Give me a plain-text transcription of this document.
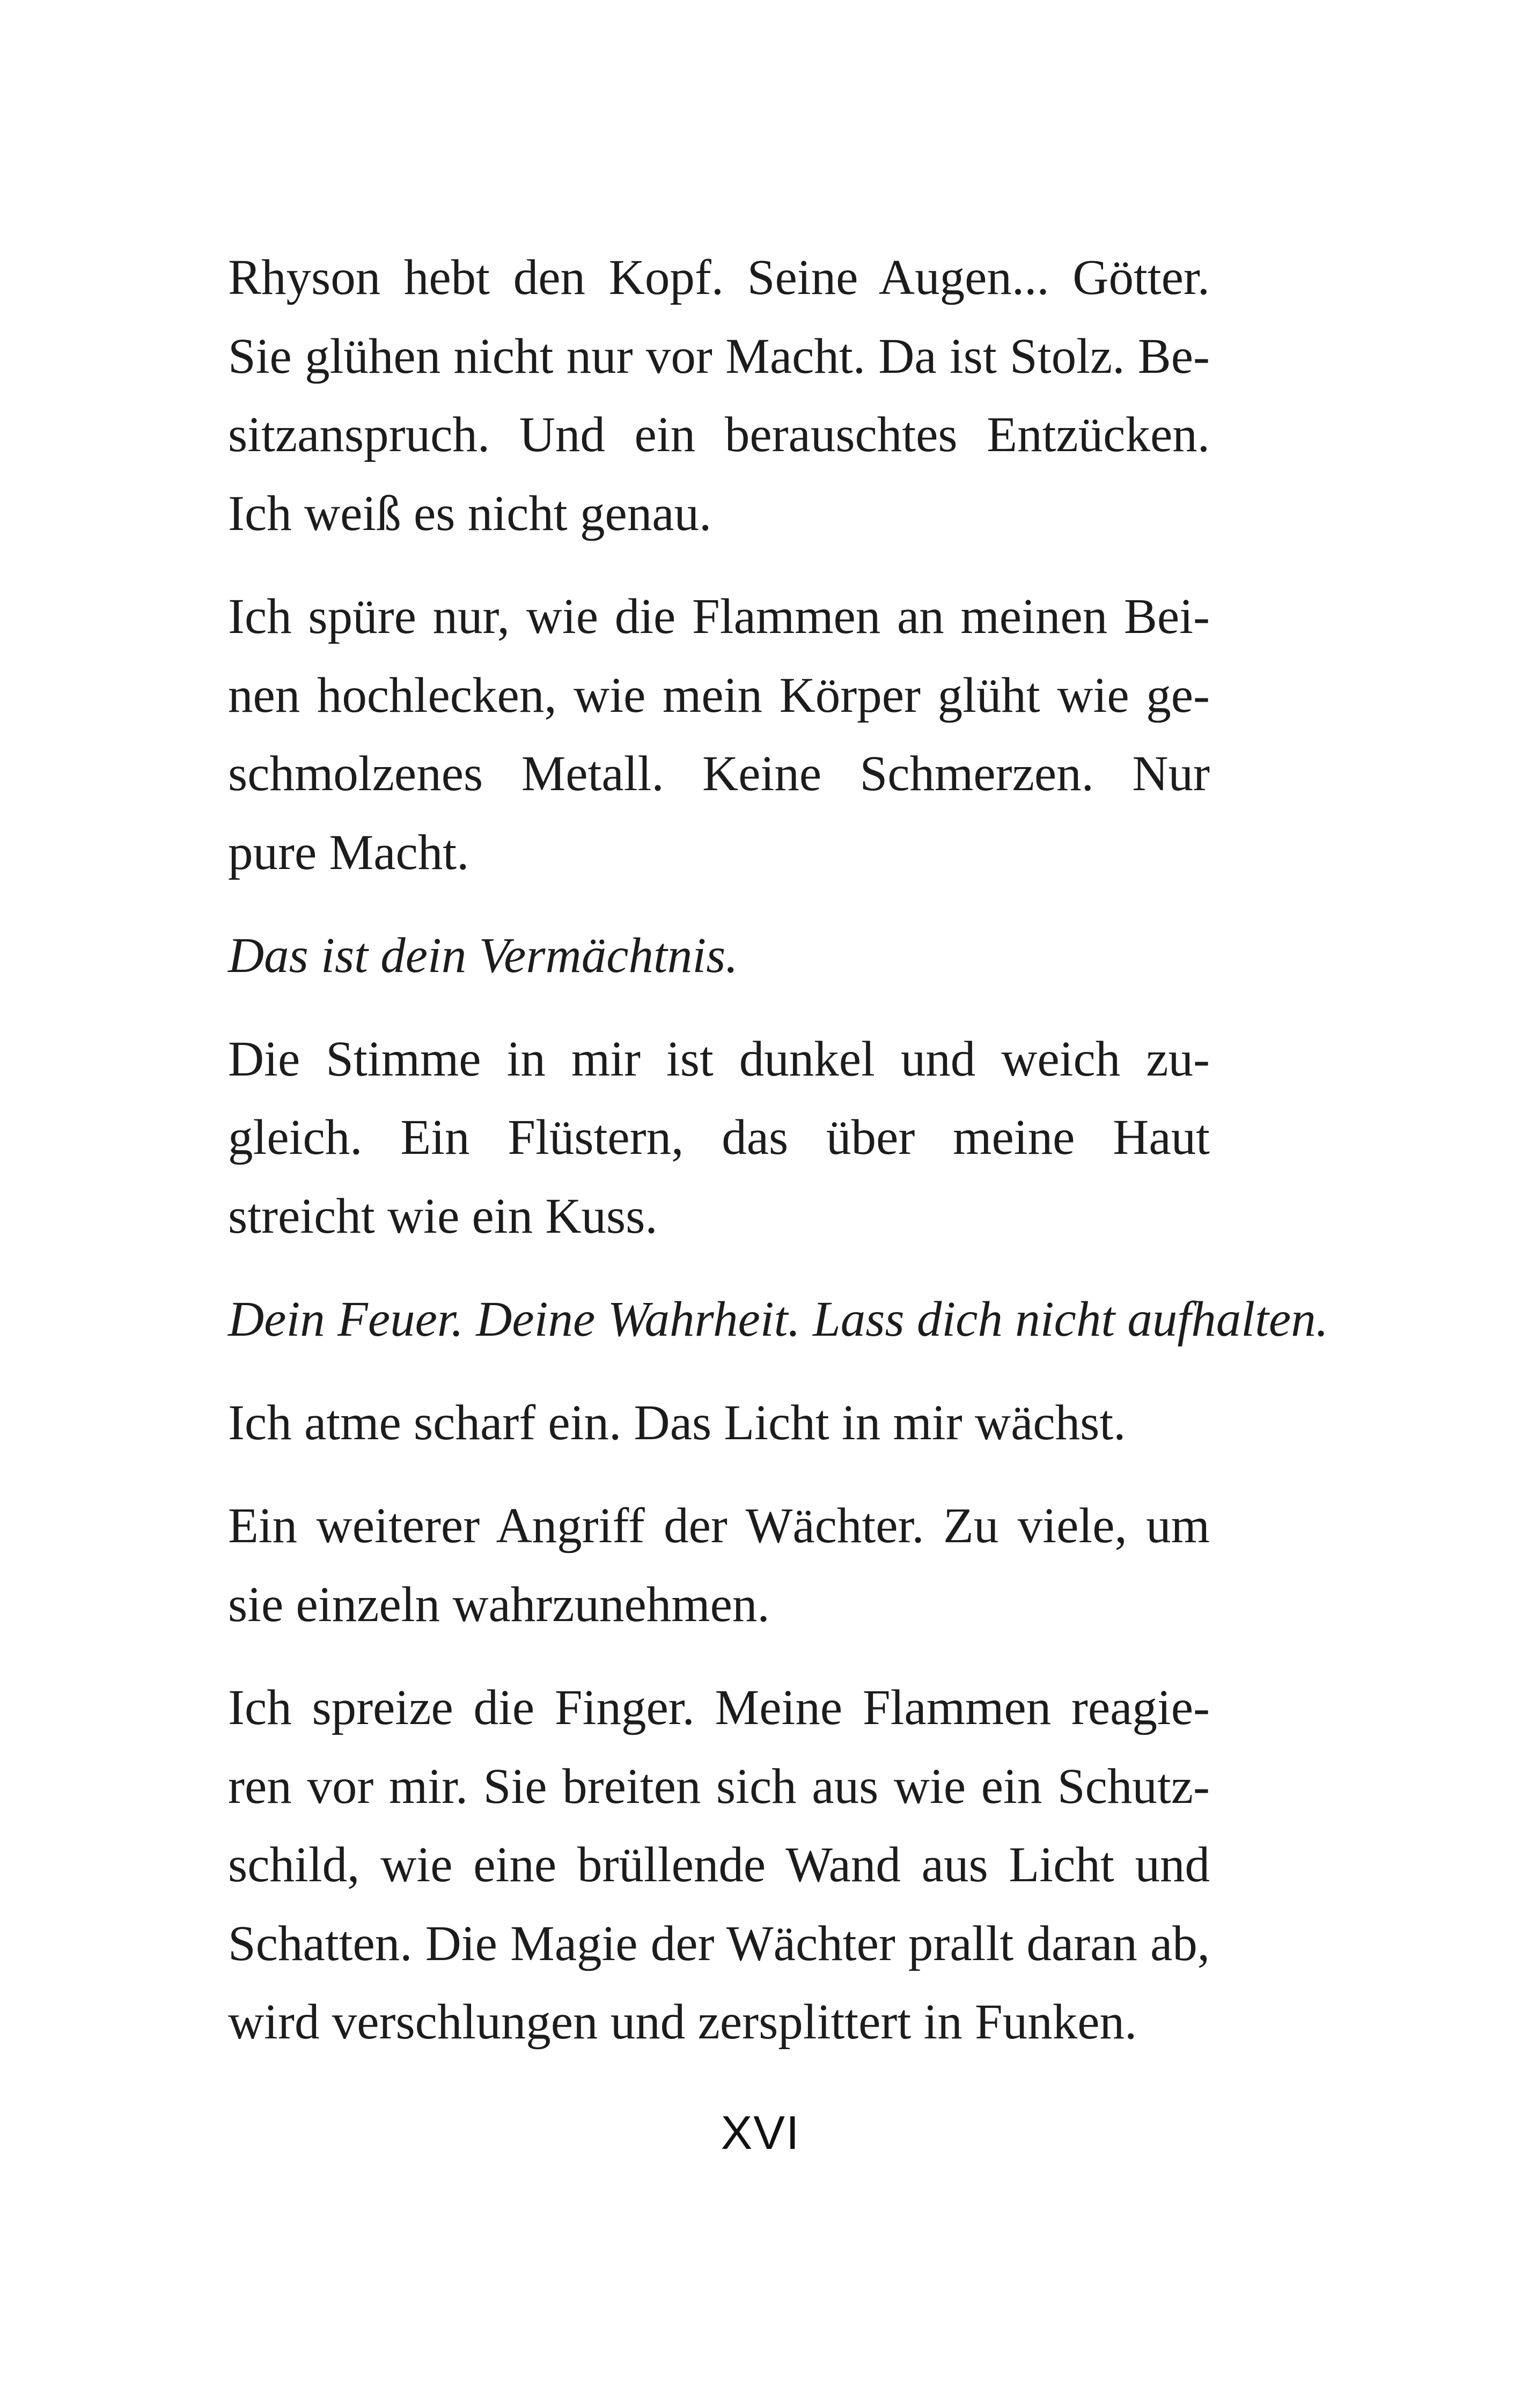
Rhyson hebt den Kopf. Seine Augen... Götter.
Sie glühen nicht nur vor Macht. Da ist Stolz. Be-
sitzanspruch. Und ein berauschtes Entzücken.
Ich weiß es nicht genau.

Ich spüre nur, wie die Flammen an meinen Bei-
nen hochlecken, wie mein Körper glüht wie ge-
schmolzenes Metall. Keine Schmerzen. Nur
pure Macht.

Das ist dein Vermächtnis.

Die Stimme in mir ist dunkel und weich zu-
gleich. Ein Flüstern, das über meine Haut
streicht wie ein Kuss.

Dein Feuer. Deine Wahrheit. Lass dich nicht aufhalten.

Ich atme scharf ein. Das Licht in mir wächst.

Ein weiterer Angriff der Wächter. Zu viele, um
sie einzeln wahrzunehmen.

Ich spreize die Finger. Meine Flammen reagie-
ren vor mir. Sie breiten sich aus wie ein Schutz-
schild, wie eine brüllende Wand aus Licht und
Schatten. Die Magie der Wächter prallt daran ab,
wird verschlungen und zersplittert in Funken.

XVI
